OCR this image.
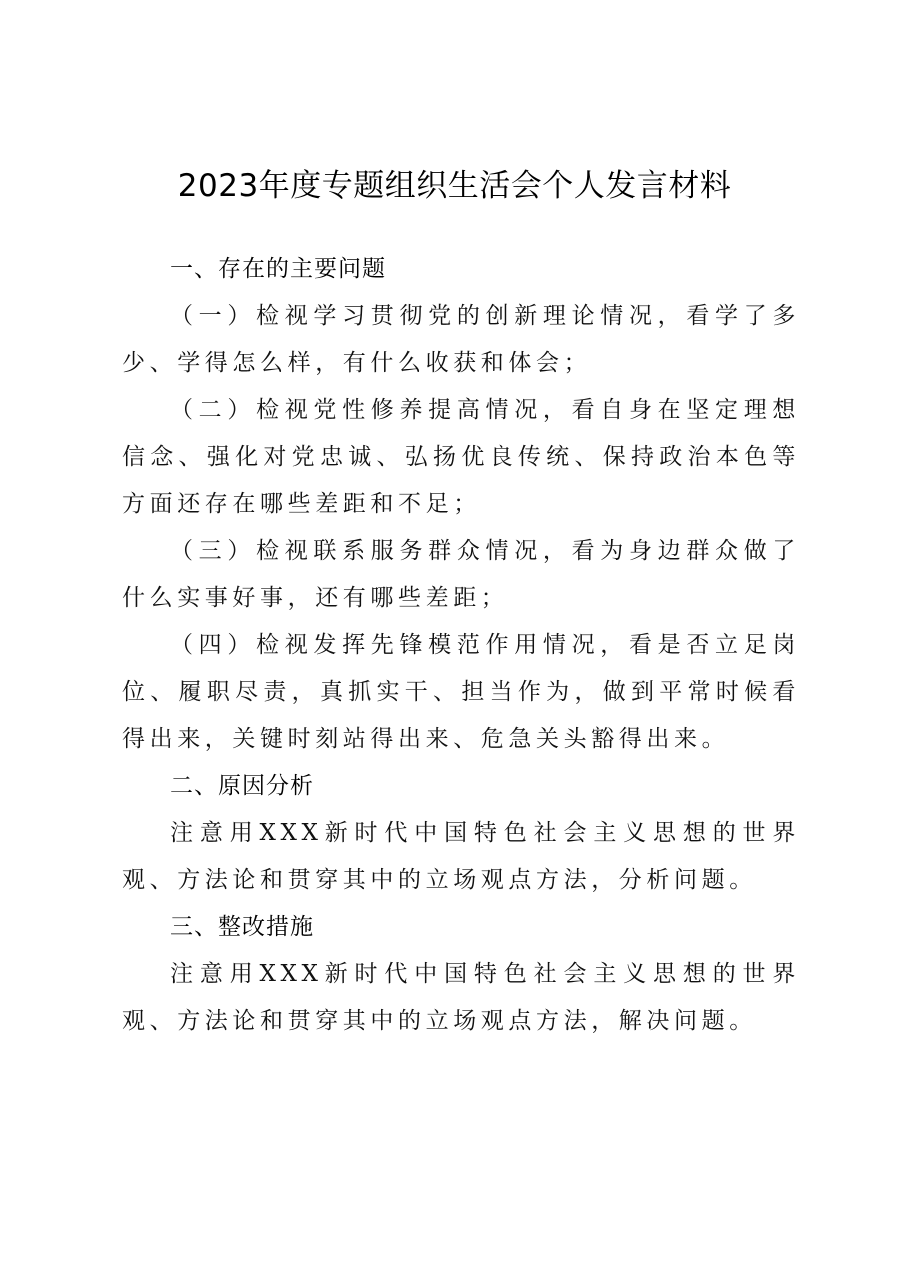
2023年度专题组织生活会个人发言材料
一、存在的主要问题
（一）检视学习贯彻党的创新理论情况，看学了多少、学得怎么样，有什么收获和体会；
（二）检视党性修养提高情况，看自身在坚定理想信念、强化对党忠诚、弘扬优良传统、保持政治本色等方面还存在哪些差距和不足；
（三）检视联系服务群众情况，看为身边群众做了什么实事好事，还有哪些差距；
（四）检视发挥先锋模范作用情况，看是否立足岗位、履职尽责，真抓实干、担当作为，做到平常时候看得出来，关键时刻站得出来、危急关头豁得出来。
二、原因分析
注意用XXX新时代中国特色社会主义思想的世界观、方法论和贯穿其中的立场观点方法，分析问题。
三、整改措施
注意用XXX新时代中国特色社会主义思想的世界观、方法论和贯穿其中的立场观点方法，解决问题。
